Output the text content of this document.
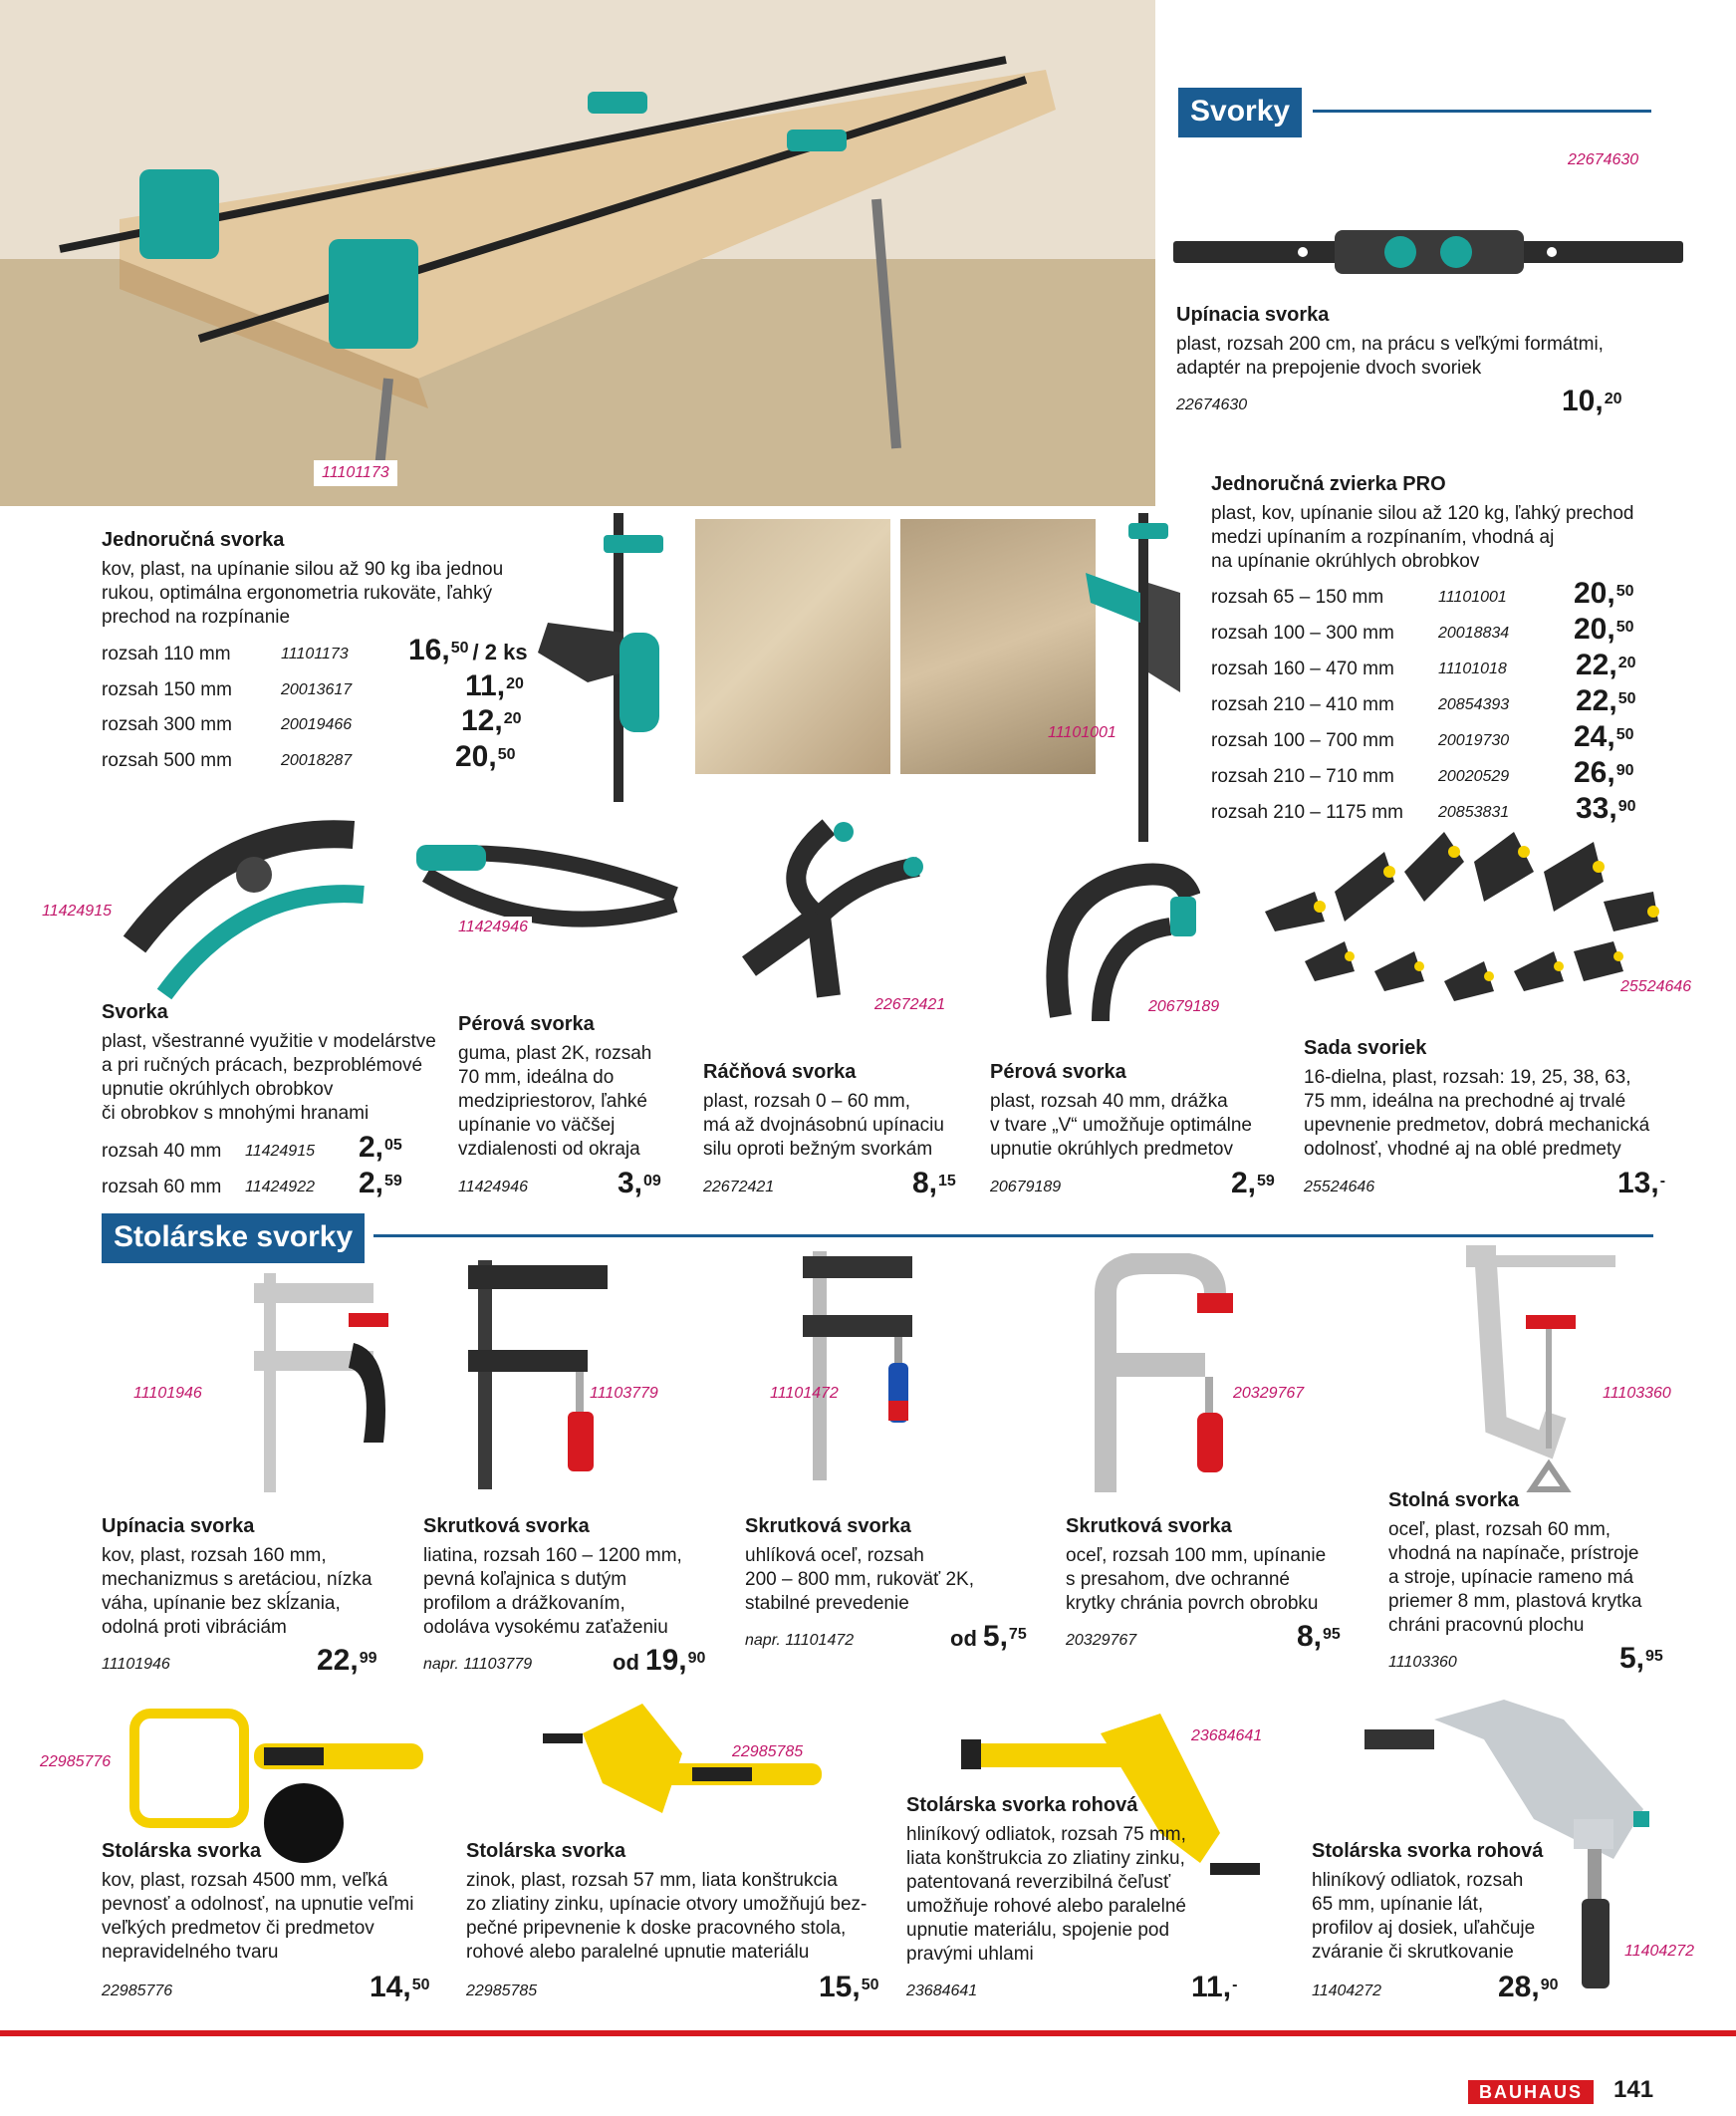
11101173
Svorky
22674630
Upínacia svorka
plast, rozsah 200 cm, na prácu s veľkými formátmi,
adaptér na prepojenie dvoch svoriek
22674630	10,20
Jednoručná svorka
kov, plast, na upínanie silou až 90 kg iba jednou
rukou, optimálna ergonometria rukoväte, ľahký
prechod na rozpínanie
rozsah 110 mm	11101173 16,50 / 2 ks
rozsah 150 mm	20013617	11,20
rozsah 300 mm	20019466	12,20
rozsah 500 mm	20018287	20,50
11101001
Jednoručná zvierka PRO
plast, kov, upínanie silou až 120 kg, ľahký prechod
medzi upínaním a rozpínaním, vhodná aj
na upínanie okrúhlych obrobkov
rozsah 65 – 150 mm	11101001 20,50
rozsah 100 – 300 mm	20018834 20,50
rozsah 160 – 470 mm	11101018 22,20
rozsah 210 – 410 mm	20854393 22,50
rozsah 100 – 700 mm	20019730 24,50
rozsah 210 – 710 mm	20020529 26,90
rozsah 210 – 1175 mm 20853831 33,90
11424915
Svorka
plast, všestranné využitie v modelárstve
a pri ručných prácach, bezproblémové
upnutie okrúhlych obrobkov
či obrobkov s mnohými hranami
rozsah 40 mm 11424915 2,05
rozsah 60 mm 11424922 2,59
11424946
Pérová svorka
guma, plast 2K, rozsah
70 mm, ideálna do
medzipriestorov, ľahké
upínanie vo väčšej
vzdialenosti od okraja
11424946	3,09
22672421
Ráčňová svorka
plast, rozsah 0 – 60 mm,
má až dvojnásobnú upínaciu
silu oproti bežným svorkám
22672421	8,15
20679189
Pérová svorka
plast, rozsah 40 mm, drážka
v tvare „V“ umožňuje optimálne
upnutie okrúhlych predmetov
20679189	2,59
25524646
Sada svoriek
16-dielna, plast, rozsah: 19, 25, 38, 63,
75 mm, ideálna na prechodné aj trvalé
upevnenie predmetov, dobrá mechanická
odolnosť, vhodné aj na oblé predmety
25524646	13,-
Stolárske svorky
11101946	11103779	11101472	20329767	11103360
Upínacia svorka
kov, plast, rozsah 160 mm,
mechanizmus s aretáciou, nízka
váha, upínanie bez skĺzania,
odolná proti vibráciám
11101946	22,99
Skrutková svorka
liatina, rozsah 160 – 1200 mm,
pevná koľajnica s dutým
profilom a drážkovaním,
odoláva vysokému zaťaženiu
napr. 11103779	od 19,90
Skrutková svorka
uhlíková oceľ, rozsah
200 – 800 mm, rukoväť 2K,
stabilné prevedenie
napr. 11101472	od 5,75
Skrutková svorka
oceľ, rozsah 100 mm, upínanie
s presahom, dve ochranné
krytky chránia povrch obrobku
20329767	8,95
Stolná svorka
oceľ, plast, rozsah 60 mm,
vhodná na napínače, prístroje
a stroje, upínacie rameno má
priemer 8 mm, plastová krytka
chráni pracovnú plochu
11103360	5,95
22985776
Stolárska svorka
kov, plast, rozsah 4500 mm, veľká
pevnosť a odolnosť, na upnutie veľmi
veľkých predmetov či predmetov
nepravidelného tvaru
22985776	14,50
22985785
Stolárska svorka
zinok, plast, rozsah 57 mm, liata konštrukcia
zo zliatiny zinku, upínacie otvory umožňujú bez-
pečné pripevnenie k doske pracovného stola,
rohové alebo paralelné upnutie materiálu
22985785	15,50
23684641
Stolárska svorka rohová
hliníkový odliatok, rozsah 75 mm,
liata konštrukcia zo zliatiny zinku,
patentovaná reverzibilná čeľusť
umožňuje rohové alebo paralelné
upnutie materiálu, spojenie pod
pravými uhlami
23684641	11,-
11404272
Stolárska svorka rohová
hliníkový odliatok, rozsah
65 mm, upínanie lát,
profilov aj dosiek, uľahčuje
zváranie či skrutkovanie
11404272	28,90
BAUHAUS	141
